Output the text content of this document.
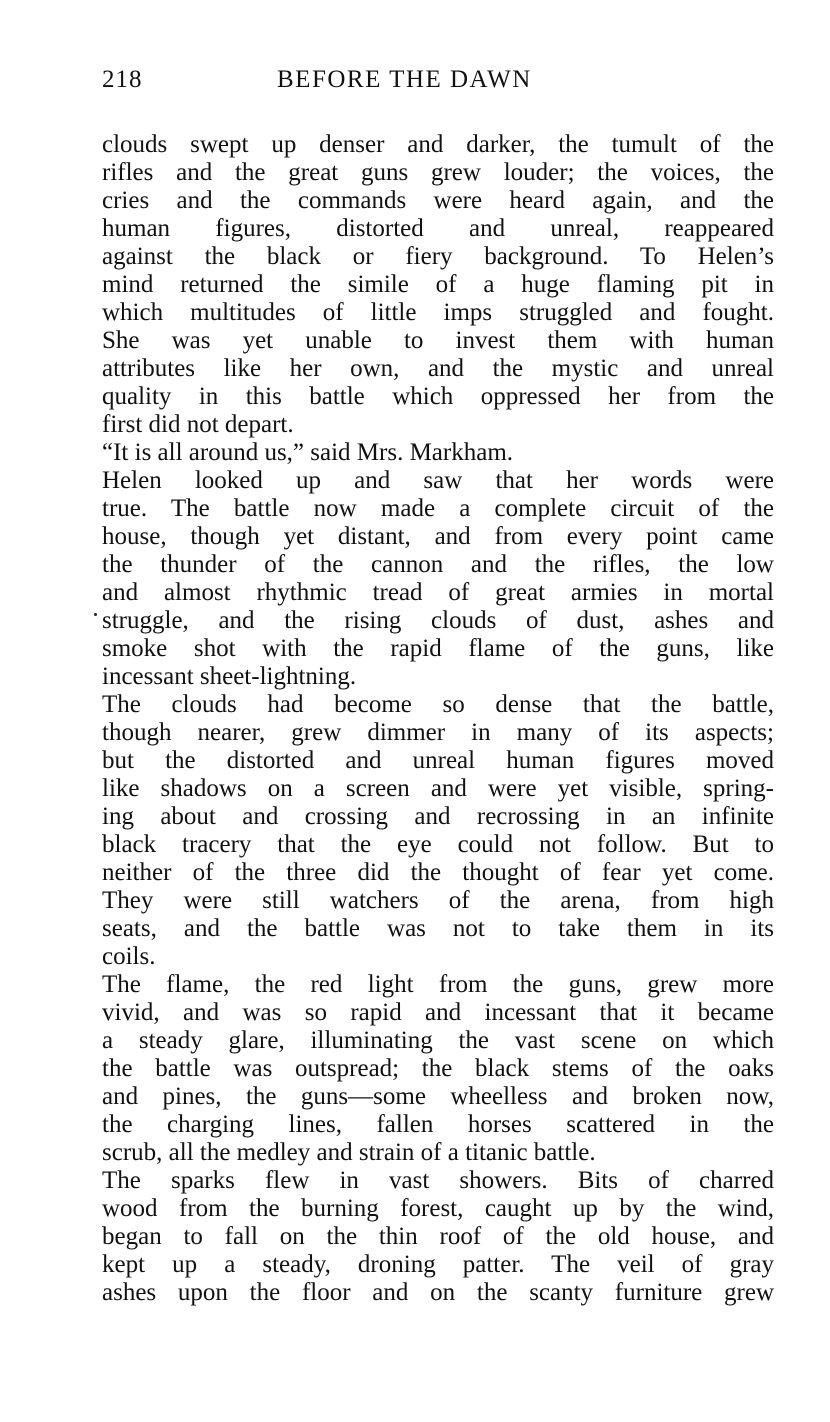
218	BEFORE THE DAWN
clouds swept up denser and darker, the tumult of the
rifles and the great guns grew louder; the voices, the
cries and the commands were heard again, and the
human figures, distorted and unreal, reappeared
against the black or fiery background. To Helen’s
mind returned the simile of a huge flaming pit in
which multitudes of little imps struggled and fought.
She was yet unable to invest them with human
attributes like her own, and the mystic and unreal
quality in this battle which oppressed her from the
first did not depart.
“It is all around us,” said Mrs. Markham.
Helen looked up and saw that her words were
true. The battle now made a complete circuit of the
house, though yet distant, and from every point came
the thunder of the cannon and the rifles, the low
and almost rhythmic tread of great armies in mortal
struggle, and the rising clouds of dust, ashes and
smoke shot with the rapid flame of the guns, like
incessant sheet-lightning.
The clouds had become so dense that the battle,
though nearer, grew dimmer in many of its aspects;
but the distorted and unreal human figures moved
like shadows on a screen and were yet visible, spring-
ing about and crossing and recrossing in an infinite
black tracery that the eye could not follow. But to
neither of the three did the thought of fear yet come.
They were still watchers of the arena, from high
seats, and the battle was not to take them in its
coils.
The flame, the red light from the guns, grew more
vivid, and was so rapid and incessant that it became
a steady glare, illuminating the vast scene on which
the battle was outspread; the black stems of the oaks
and pines, the guns—some wheelless and broken now,
the charging lines, fallen horses scattered in the
scrub, all the medley and strain of a titanic battle.
The sparks flew in vast showers. Bits of charred
wood from the burning forest, caught up by the wind,
began to fall on the thin roof of the old house, and
kept up a steady, droning patter. The veil of gray
ashes upon the floor and on the scanty furniture grew
